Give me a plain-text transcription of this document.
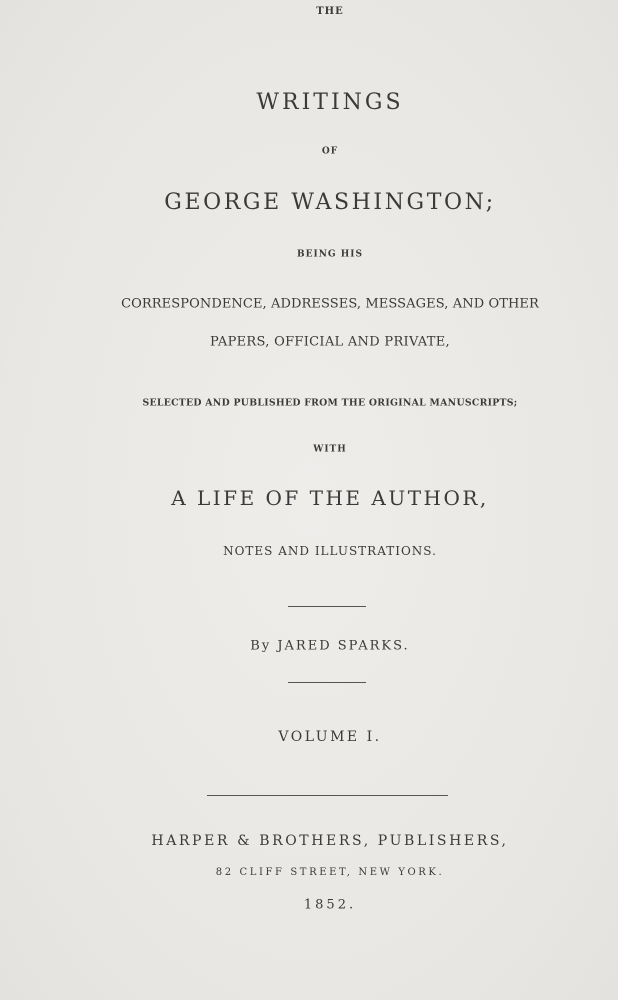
THE
WRITINGS
OF
GEORGE WASHINGTON;
BEING HIS
CORRESPONDENCE, ADDRESSES, MESSAGES, AND OTHER
PAPERS, OFFICIAL AND PRIVATE,
SELECTED AND PUBLISHED FROM THE ORIGINAL MANUSCRIPTS;
WITH
A LIFE OF THE AUTHOR,
NOTES AND ILLUSTRATIONS.
By JARED SPARKS.
VOLUME I.
HARPER & BROTHERS, PUBLISHERS,
82 CLIFF STREET, NEW YORK.
1852.
